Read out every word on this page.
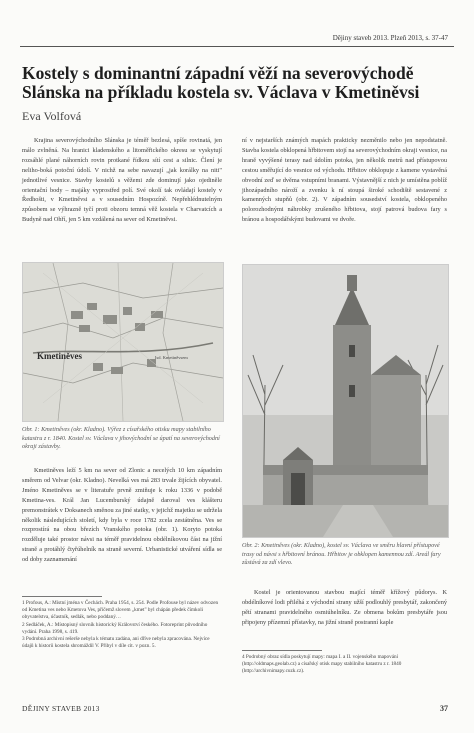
Dějiny staveb 2013. Plzeň 2013, s. 37-47
Kostely s dominantní západní věží na severovýchodě Slánska na příkladu kostela sv. Václava v Kmetiněvsi
Eva Volfová

Krajina severovýchodního Slánska je téměř bezlesá, spíše rovinatá, jen málo zvlněná. Na hranici kladenského a litoměřického okresu se vyskytují rozsáhlé plané náhorních rovin protkané řídkou sítí cest a silnic. Člení je neliho-boká potoční údolí. V nichž na sebe navazují „jak korálky na niti" jednotlivé vesnice. Stavby kostelů s věžemi zde dominují jako ojediněle orientační body – majáky vyprostřed polí. Své okolí tak ovládají kostely v Ředhošti, v Kmetiněvsi a v sousedním Hospozíně. Nepřehlédnutelným způsobem se výhrazně tyčí proti obzoru temná věž kostela v Charvatcích a Budyně nad Ohří, jen 5 km vzdálená na sever od Kmetiněvsi.

Kmetiněves	Isd. Kmetiněvsem
Obr. 1: Kmetiněves (okr. Kladno). Výřez z císařského otisku mapy stabilního katastru z r. 1840. Kostel sv. Václava v jihovýchodní se úpatí na severovýchodní okraji zástavby.

Kmetiněves leží 5 km na sever od Zlonic a necelých 10 km západním směrem od Velvar (okr. Kladno). Nevelká ves má 283 trvale žijících obyvatel. Jméno Kmetiněves se v literatuře prvně zmiňuje k roku 1336 v podobě Kmetina-ves. Král Jan Lucemburský údajně daroval ves klášteru premonstrátek v Doksanech směnou za jiné statky, v jejichž majetku se udržela několik následujících století, kdy byla v roce 1782 zcela zestátněna. Ves se rozprostírá na obou březích Vranského potoka (obr. 1). Koryto potoka rozděluje také prostor návsi na téměř pravidelnou obdélníkovou část na jižní straně a protáhlý čtyřúhelník na straně severní. Urbanistické utváření sídla se od doby zaznamenání

1 Profous, A.: Místní jména v Čechách. Praha 1954, s. 254. Podle Profouse byl název odvozen od Kmetina ves nebo Kmetova Ves, přičemž slovem „kmet" byl chápán předek čímkoli obyvatelstva, účastník, sedlák, nebo poddaný…
2 Sedláček, A.: Místopisný slovník historický Království českého. Fotoreprint původního vydání. Praha 1998, s. 419.
3 Podrobná archivní rešerše nebyla k tématu zadána, ani dříve nebyla zpracována. Nejvíce údajů k historii kostela shromáždil V. Přibyl v díle cit. v pozn. 5.

ní v nejstarších známých mapách prakticky nezměnilo nebo jen nepodstatně. Stavba kostela obklopená hřbitovem stojí na severovýchodním okraji vesnice, na hraně vyvýšené terasy nad údolím potoka, jen několik metrů nad přístupovou cestou směřující do vesnice od východu. Hřbitov obklopuje z kamene vystavěná obvodní zeď se dvěma vstupními branami. Výstavnější z nich je umístěna poblíž jihozápadního nároží a zvenku k ní stoupá široké schodiště sestavené z kamenných stupňů (obr. 2). V západním sousedství kostela, obklopeného polorozhodnými náhrobky zrušeného hřbitova, stojí patrová budova fary s bránou a hospodářskými budovami ve dvoře.

Obr. 2: Kmetiněves (okr. Kladno), kostel sv. Václava ve směru hlavní přístupové trasy od návsi s hřbitovní bránou. Hřbitov je obklopen kamennou zdí. Areál fary zůstává za zdí vlevo.

Kostel je orientovanou stavbou mající téměř křížový půdorys. K obdélníkové lodi přiléhá z východní strany užší podlouhlý presbytář, zakončený pětí stranami pravidelného osmiúhelníku. Ze obmena bokům presbytáře jsou připojeny přízemní přístavky, na jižní straně postranní kaple

4 Podrobný obraz sídla poskytují mapy: mapa I. a II. vojenského mapování (http://oldmaps.geolab.cz) a císařský otisk mapy stabilního katastru z r. 1840 (http://archivnimapy.cuzk.cz).
DĚJINY STAVEB 2013	37
